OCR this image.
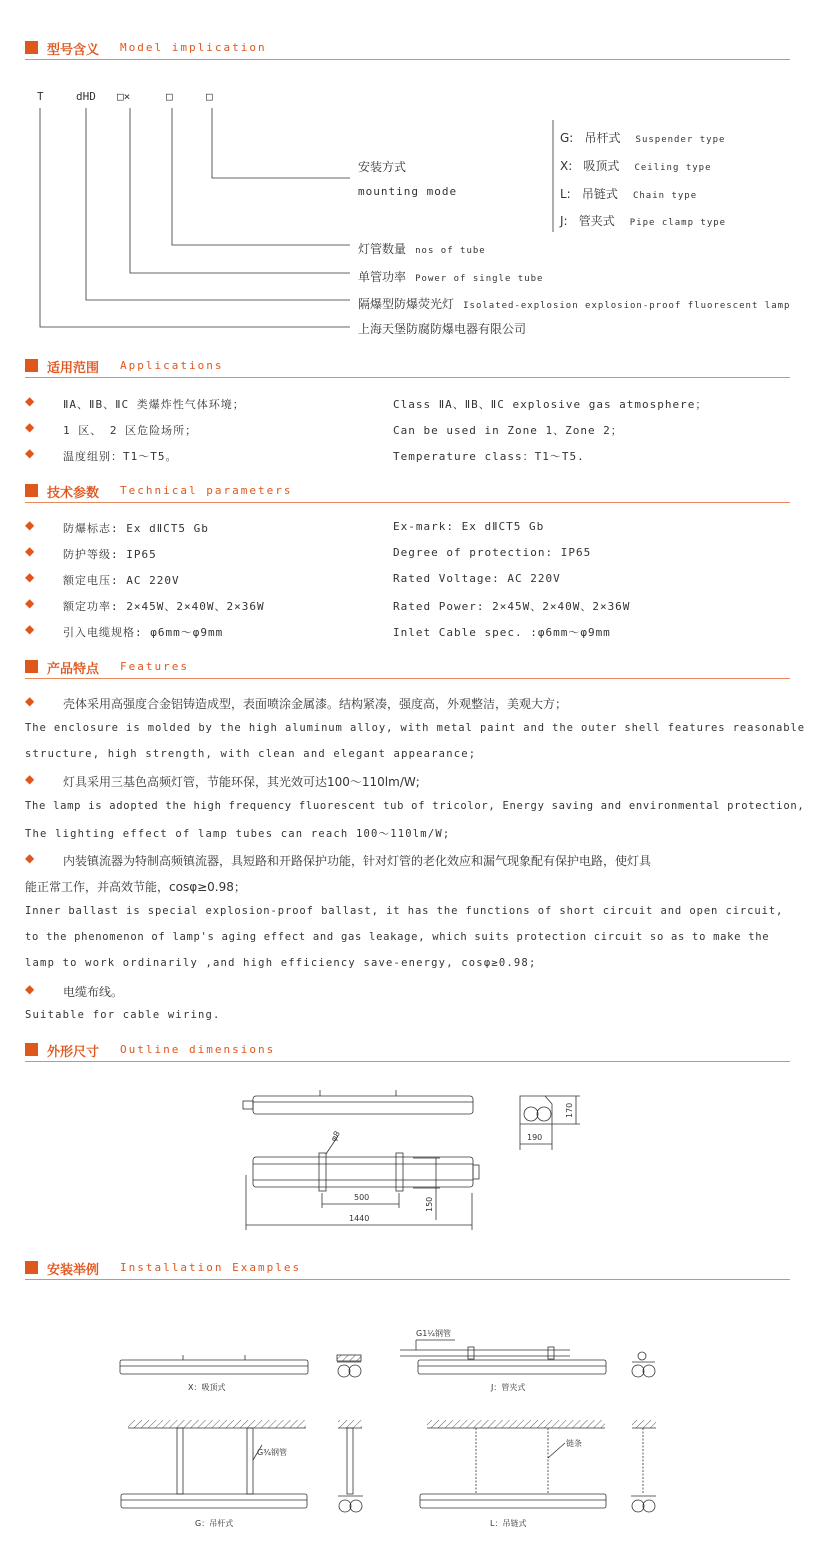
型号含义 Model implication
T	dHD □×	□	□
安装方式
mounting mode
G: 吊杆式 Suspender type
X: 吸顶式 Ceiling type
L: 吊链式 Chain type
J: 管夹式 Pipe clamp type
灯管数量 nos of tube
单管功率 Power of single tube
隔爆型防爆荧光灯 Isolated-explosion explosion-proof fluorescent lamp
上海天堡防腐防爆电器有限公司
适用范围 Applications
◆	ⅡA、ⅡB、ⅡC 类爆炸性气体环境；	Class ⅡA、ⅡB、ⅡC explosive gas atmosphere；
◆	1 区、 2 区危险场所；	Can be used in Zone 1、Zone 2；
◆	温度组别：T1～T5。	Temperature class：T1～T5.
技术参数 Technical parameters
◆	防爆标志: Ex dⅡCT5 Gb	Ex-mark: Ex dⅡCT5 Gb
◆	防护等级: IP65	Degree of protection: IP65
◆	额定电压: AC 220V	Rated Voltage: AC 220V
◆	额定功率: 2×45W、2×40W、2×36W	Rated Power: 2×45W、2×40W、2×36W
◆	引入电缆规格: φ6mm～φ9mm	Inlet Cable spec. :φ6mm～φ9mm
产品特点 Features
◆ 壳体采用高强度合金铝铸造成型，表面喷涂金属漆。结构紧凑，强度高，外观整洁，美观大方；
The enclosure is molded by the high aluminum alloy, with metal paint and the outer shell features reasonable
structure, high strength, with clean and elegant appearance;
◆ 灯具采用三基色高频灯管，节能环保，其光效可达100～110lm/W;
The lamp is adopted the high frequency fluorescent tub of tricolor, Energy saving and environmental protection,
The lighting effect of lamp tubes can reach 100～110lm/W;
◆ 内装镇流器为特制高频镇流器，具短路和开路保护功能，针对灯管的老化效应和漏气现象配有保护电路，使灯具
能正常工作，并高效节能，cosφ≥0.98；
Inner ballast is special explosion-proof ballast, it has the functions of short circuit and open circuit,
to the phenomenon of lamp's aging effect and gas leakage, which suits protection circuit so as to make the
lamp to work ordinarily ,and high efficiency save-energy, cosφ≥0.98;
◆ 电缆布线。
Suitable for cable wiring.
外形尺寸 Outline dimensions
φ8
500
1440
150
170
190
安装举例 Installation Examples
X：吸顶式	J：管夹式
G1¼钢管
G¾钢管
链条
G：吊杆式	L：吊链式
